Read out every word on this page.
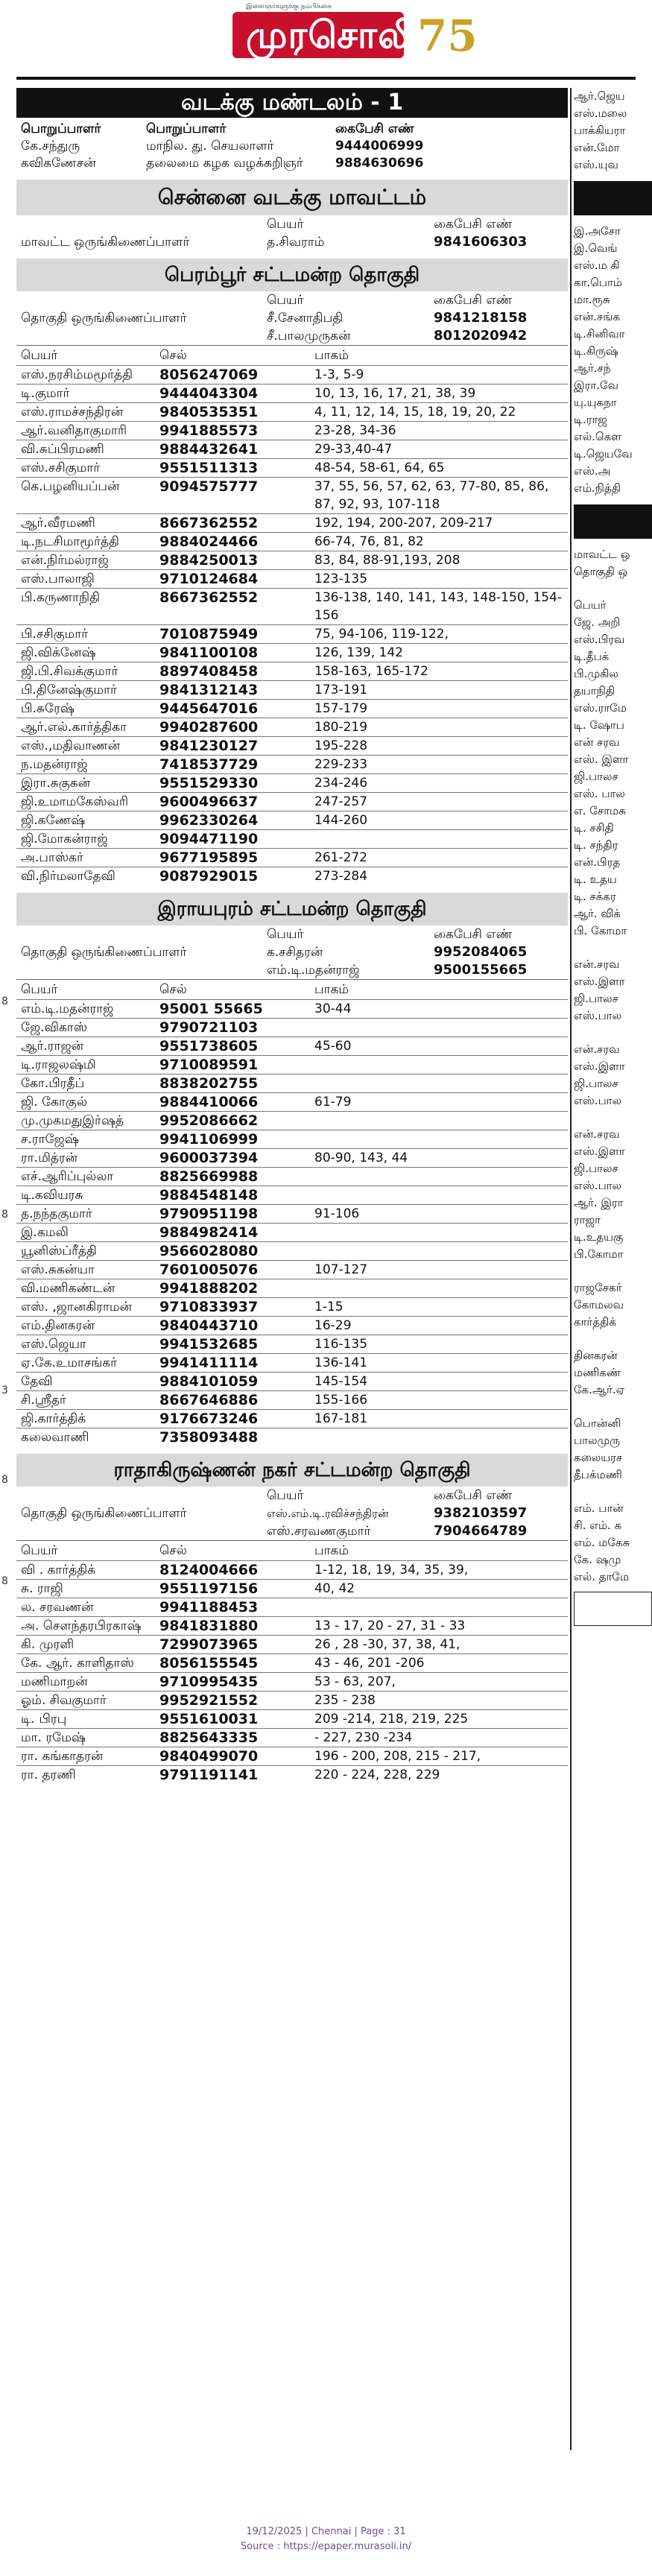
இளைஞர்களுக்கு நம்பிக்கை
முரசொலி 75
8
8
3
8
8
வடக்கு மண்டலம் - 1
பொறுப்பாளர்	பொறுப்பாளர்	கைபேசி எண்
கே.சந்துரு	மாநில. து. செயலாளர்	9444006999
கவிகணேசன்	தலைமை கழக வழக்கறிஞர்	9884630696
சென்னை வடக்கு மாவட்டம்
பெயர்	கைபேசி எண்
மாவட்ட ஒருங்கிணைப்பாளர்	த.சிவராம்	9841606303
பெரம்பூர் சட்டமன்ற தொகுதி
பெயர்	கைபேசி எண்
தொகுதி ஒருங்கிணைப்பாளர்	சீ.சேனாதிபதி	9841218158
சீ.பாலமுருகன்	8012020942
பெயர்	செல்	பாகம்
எஸ்.நரசிம்மமூர்த்தி	8056247069	1-3, 5-9
டி.குமார்	9444043304	10, 13, 16, 17, 21, 38, 39
எஸ்.ராமச்சந்திரன்	9840535351	4, 11, 12, 14, 15, 18, 19, 20, 22
ஆர்.வனிதாகுமாரி	9941885573	23-28, 34-36
வி.சுப்பிரமணி	9884432641	29-33,40-47
எஸ்.சசிகுமார்	9551511313	48-54, 58-61, 64, 65
கெ.பழனியப்பன்	9094575777	37, 55, 56, 57, 62, 63, 77-80, 85, 86, 87, 92, 93, 107-118
ஆர்.வீரமணி	8667362552	192, 194, 200-207, 209-217
டி.நடசிமாமூர்த்தி	9884024466	66-74, 76, 81, 82
என்.நிர்மல்ராஜ்	9884250013	83, 84, 88-91,193, 208
எஸ்.பாலாஜி	9710124684	123-135
பி.கருணாநிதி	8667362552	136-138, 140, 141, 143, 148-150, 154-156
பி.சசிகுமார்	7010875949	75, 94-106, 119-122,
ஜி.விக்னேஷ்	9841100108	126, 139, 142
ஜி.பி.சிவக்குமார்	8897408458	158-163, 165-172
பி.தினேஷ்குமார்	9841312143	173-191
பி.சுரேஷ்	9445647016	157-179
ஆர்.எல்.கார்த்திகா	9940287600	180-219
எஸ்.,மதிவாணன்	9841230127	195-228
ந.மதன்ராஜ்	7418537729	229-233
இரா.சுகுகன்	9551529330	234-246
ஜி.உமாமகேஸ்வரி	9600496637	247-257
ஜி.கணேஷ்	9962330264	144-260
ஜி.மோகன்ராஜ்	9094471190
அ.பாஸ்கர்	9677195895	261-272
வி.நிர்மலாதேவி	9087929015	273-284
இராயபுரம் சட்டமன்ற தொகுதி
பெயர்	கைபேசி எண்
தொகுதி ஒருங்கிணைப்பாளர்	க.சசிதரன்	9952084065
எம்.டி.மதன்ராஜ்	9500155665
பெயர்	செல்	பாகம்
எம்.டி.மதன்ராஜ்	95001 55665	30-44
ஜே.விகாஸ்	9790721103
ஆர்.ராஜன்	9551738605	45-60
டி.ராஜலஷ்மி	9710089591
கோ.பிரதீப்	8838202755
ஜி. கோகுல்	9884410066	61-79
மு.முகமதுஇர்ஷத்	9952086662
ச.ராஜேஷ்	9941106999
ரா.மித்ரன்	9600037394	80-90, 143, 44
எச்.ஆரிப்புல்லா	8825669988
டி.கவியரசு	9884548148
த.நந்தகுமார்	9790951198	91-106
இ.கமலி	9884982414
யூனிஸ்ப்ரீத்தி	9566028080
எஸ்.சுகன்யா	7601005076	107-127
வி.மணிகண்டன்	9941888202
எஸ். ,ஜானகிராமன்	9710833937	1-15
எம்.தினகரன்	9840443710	16-29
எஸ்.ஜெயா	9941532685	116-135
ஏ.கே.உமாசங்கர்	9941411114	136-141
தேவி	9884101059	145-154
சி.ஸ்ரீதர்	8667646886	155-166
ஜி.கார்த்திக்	9176673246	167-181
கலைவாணி	7358093488
ராதாகிருஷ்ணன் நகர் சட்டமன்ற தொகுதி
பெயர்	கைபேசி எண்
தொகுதி ஒருங்கிணைப்பாளர்	எஸ்.எம்.டி.ரவிச்சந்திரன்	9382103597
எஸ்.சரவணகுமார்	7904664789
பெயர்	செல்	பாகம்
வி . கார்த்திக்	8124004666	1-12, 18, 19, 34, 35, 39,
சு. ராஜி	9551197156	40, 42
ல. சரவணன்	9941188453
அ. சௌந்தரபிரகாஷ்	9841831880	13 - 17, 20 - 27, 31 - 33
கி. முரளி	7299073965	26 , 28 -30, 37, 38, 41,
கே. ஆர். காளிதாஸ்	8056155545	43 - 46, 201 -206
மணிமாறன்	9710995435	53 - 63, 207,
ஓம். சிவகுமார்	9952921552	235 - 238
டி. பிரபு	9551610031	209 -214, 218, 219, 225
மா. ரமேஷ்	8825643335	- 227, 230 -234
ரா. கங்காதரன்	9840499070	196 - 200, 208, 215 - 217,
ரா. தரணி	9791191141	220 - 224, 228, 229
ஆர்.ஜெய
எஸ்.மலை
பாக்கியரா
என்.மோ
எஸ்.யுவ
இ.அசோ
இ.வெங்
எஸ்.ம கி
கா.பொம்
மா.ரூசு
என்.சங்க
டி.சினிவா
டி.கிருஷ்
ஆர்.சந்
இரா.வே
யு.யுகநா
டி.ராஜ
எல்.கௌ
டி.ஜெயவே
எஸ்.அ
எம்.நித்தி
மாவட்ட ஒ
தொகுதி ஒ
பெயர்
ஜே. அறி
எஸ்.பிரவ
டி.தீபக்
பி.முகில
தயாநிதி
எஸ்.ராமே
டி. ஷோப
என் சரவ
எஸ். இளா
ஜி.பாலச
எஸ். பால
எ. சோமசு
டி. சசிதி
டி. சந்திர
என்.பிரத
டி. உதய
டி. சக்கர
ஆர். விக்
பி. கோமா
என்.சரவ
எஸ்.இளா
ஜி.பாலச
எஸ்.பால
என்.சரவ
எஸ்.இளா
ஜி.பாலச
எஸ்.பால
என்.சரவ
எஸ்.இளா
ஜி.பாலச
எஸ்.பால
ஆர். இரா
ராஜா
டி.உதயகு
பி.கோமா
ராஜசேகர்
கோமலவ
கார்த்திக்
தினகரன்
மணிகண்
கே.ஆர்.ஏ
பொன்னி
பாலமுரு
கலையரச
தீபக்மணி
எம். பான்
சி. எம். க
எம். மகேசு
கே. ஷமு
எல். தாமே
19/12/2025 | Chennai | Page : 31
Source : https://epaper.murasoli.in/
